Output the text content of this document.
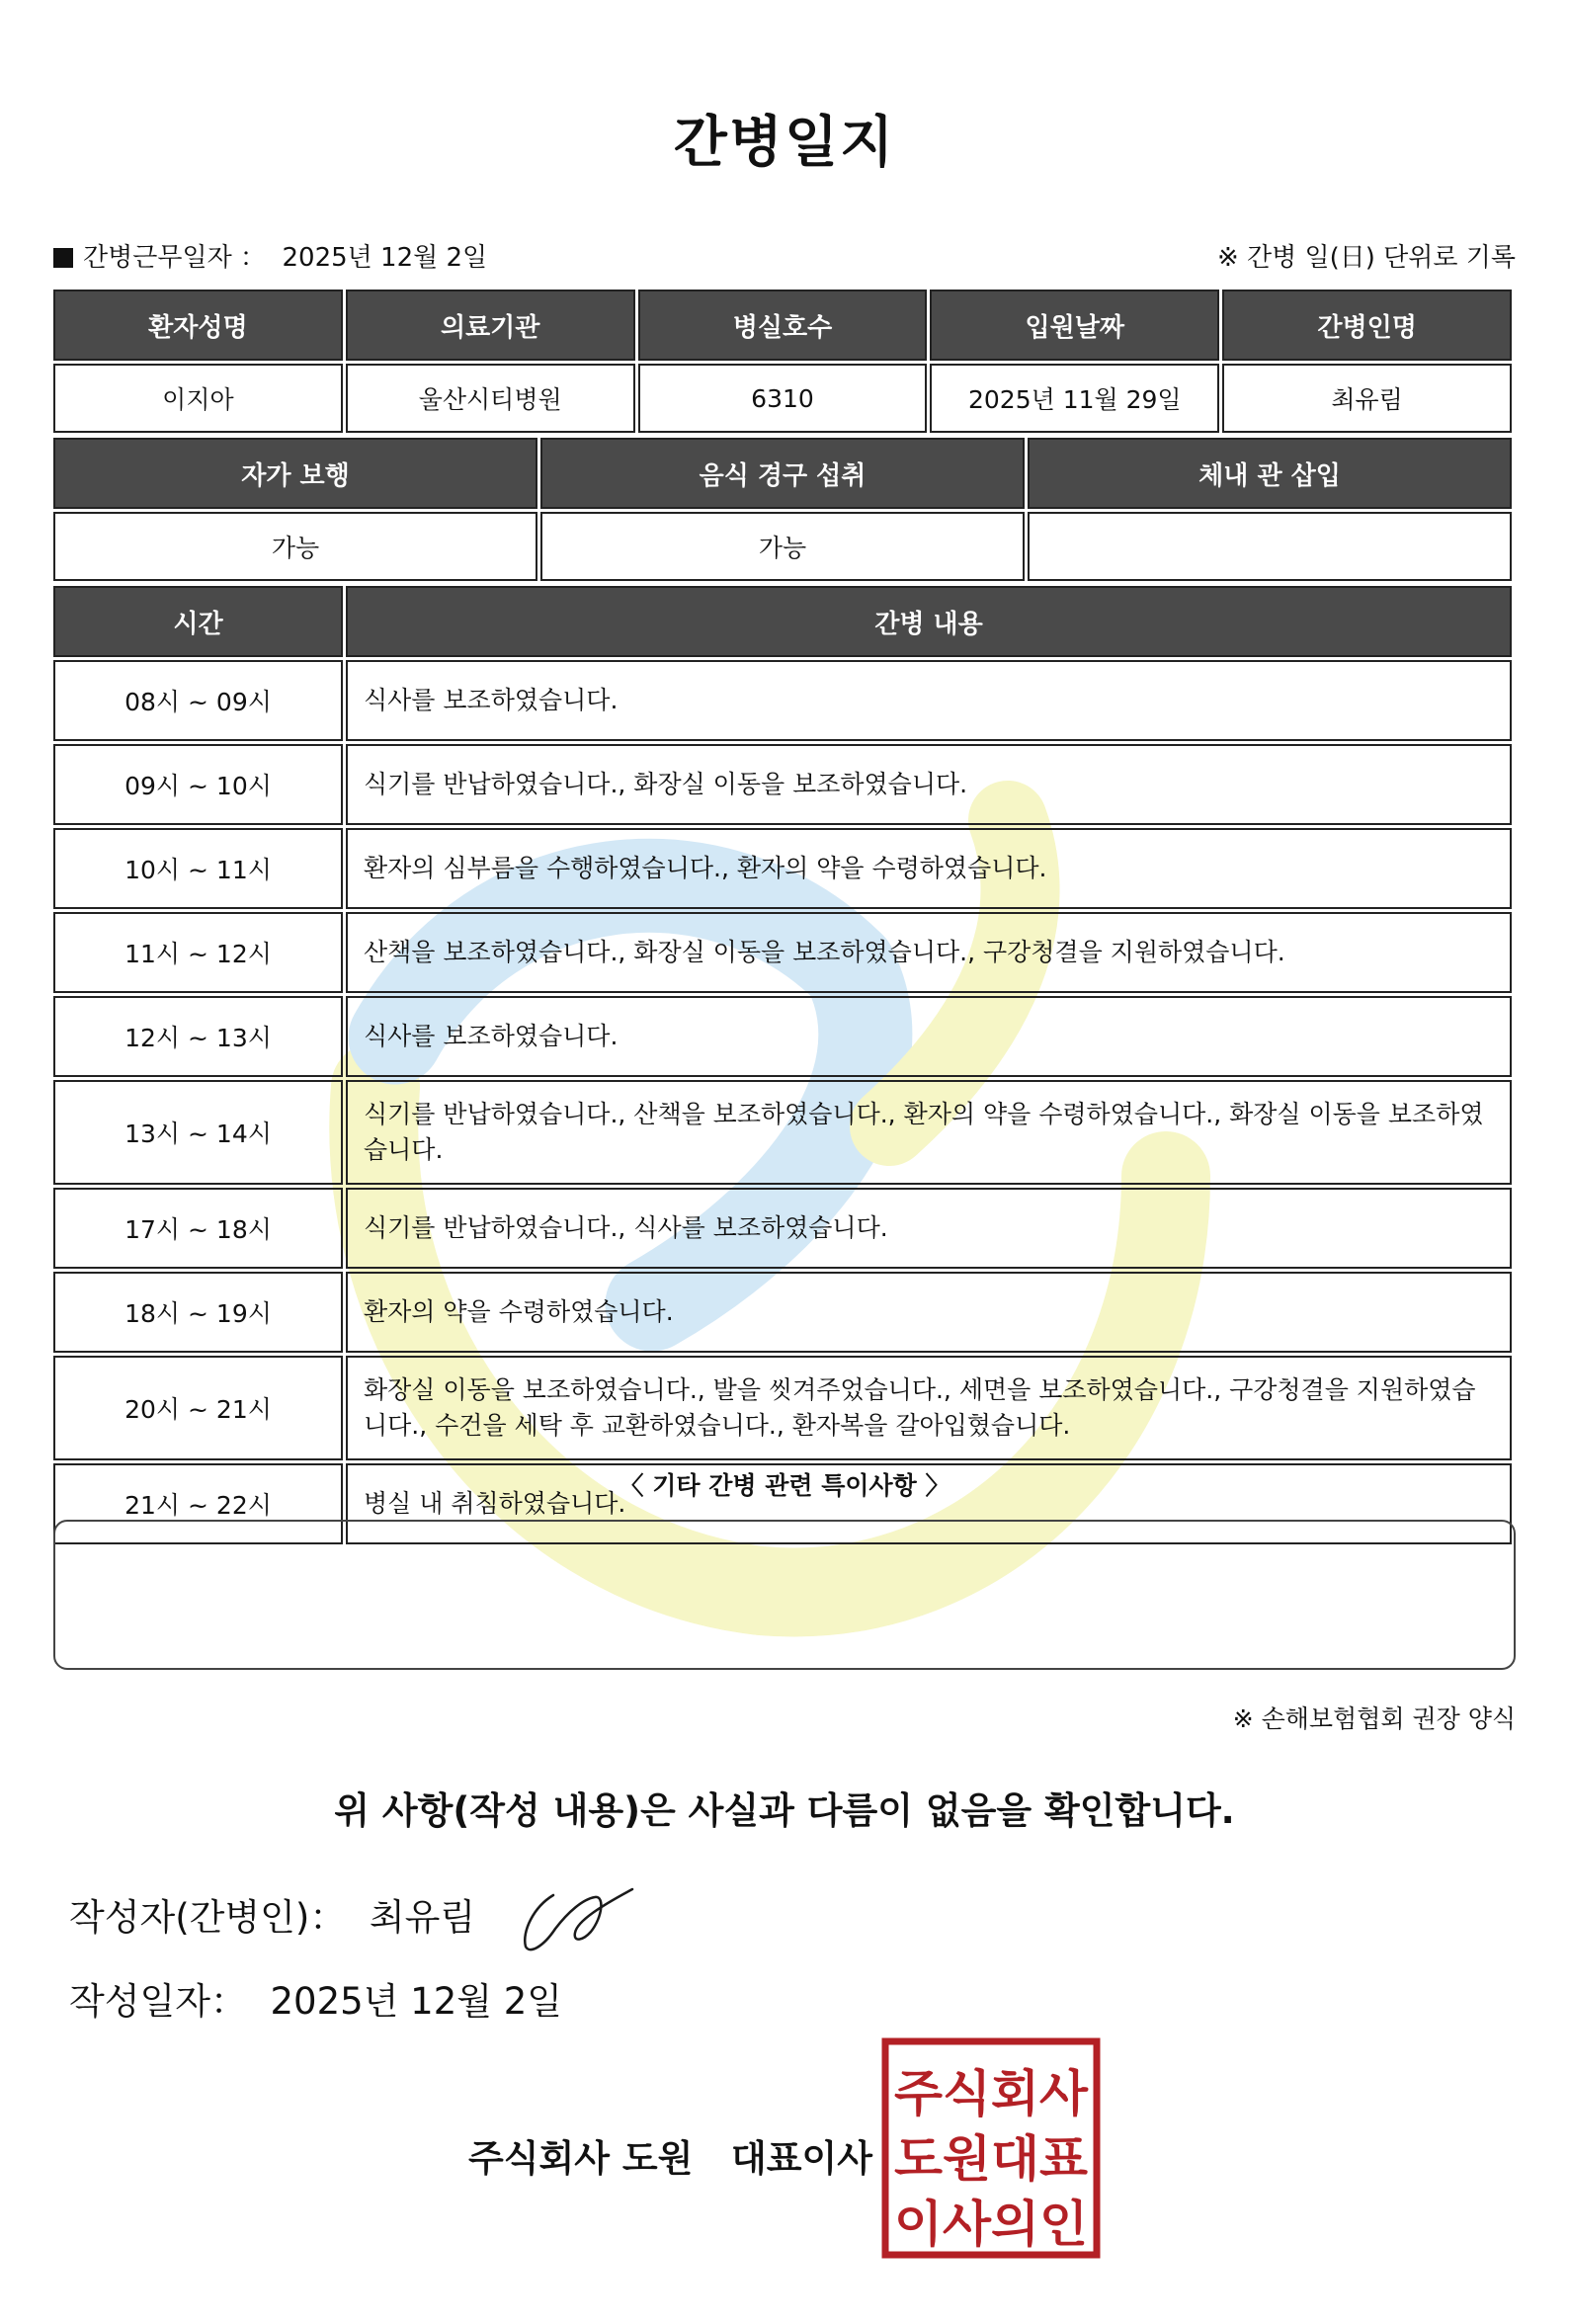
간병일지
간병근무일자 ： 2025년 12월 2일	※ 간병 일(日) 단위로 기록
환자성명	의료기관	병실호수	입원날짜	간병인명
이지아	울산시티병원	6310	2025년 11월 29일	최유림
자가 보행	음식 경구 섭취	체내 관 삽입
가능	가능	
시간	간병 내용
08시 ~ 09시	식사를 보조하였습니다.
09시 ~ 10시	식기를 반납하였습니다., 화장실 이동을 보조하였습니다.
10시 ~ 11시	환자의 심부름을 수행하였습니다., 환자의 약을 수령하였습니다.
11시 ~ 12시	산책을 보조하였습니다., 화장실 이동을 보조하였습니다., 구강청결을 지원하였습니다.
12시 ~ 13시	식사를 보조하였습니다.
13시 ~ 14시	식기를 반납하였습니다., 산책을 보조하였습니다., 환자의 약을 수령하였습니다., 화장실 이동을 보조하였습니다.
17시 ~ 18시	식기를 반납하였습니다., 식사를 보조하였습니다.
18시 ~ 19시	환자의 약을 수령하였습니다.
20시 ~ 21시	화장실 이동을 보조하였습니다., 발을 씻겨주었습니다., 세면을 보조하였습니다., 구강청결을 지원하였습니다., 수건을 세탁 후 교환하였습니다., 환자복을 갈아입혔습니다.
21시 ~ 22시	병실 내 취침하였습니다.
〈 기타 간병 관련 특이사항 〉
※ 손해보험협회 권장 양식
위 사항(작성 내용)은 사실과 다름이 없음을 확인합니다.
작성자(간병인)： 최유림
작성일자： 2025년 12월 2일
주식회사 도원 대표이사
주식회사
도원대표
이사의인
